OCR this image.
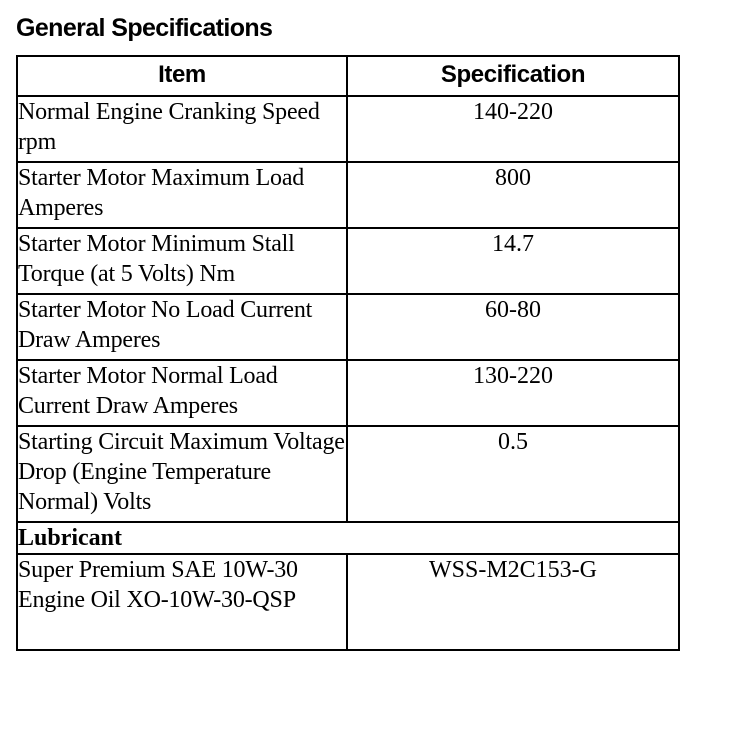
General Specifications
Item	Specification
Normal Engine Cranking Speed rpm	140-220
Starter Motor Maximum Load Amperes	800
Starter Motor Minimum Stall Torque (at 5 Volts) Nm	14.7
Starter Motor No Load Current Draw Amperes	60-80
Starter Motor Normal Load Current Draw Amperes	130-220
Starting Circuit Maximum Voltage Drop (Engine Temperature Normal) Volts	0.5
Lubricant	
Super Premium SAE 10W-30 Engine Oil XO-10W-30-QSP	WSS-M2C153-G
